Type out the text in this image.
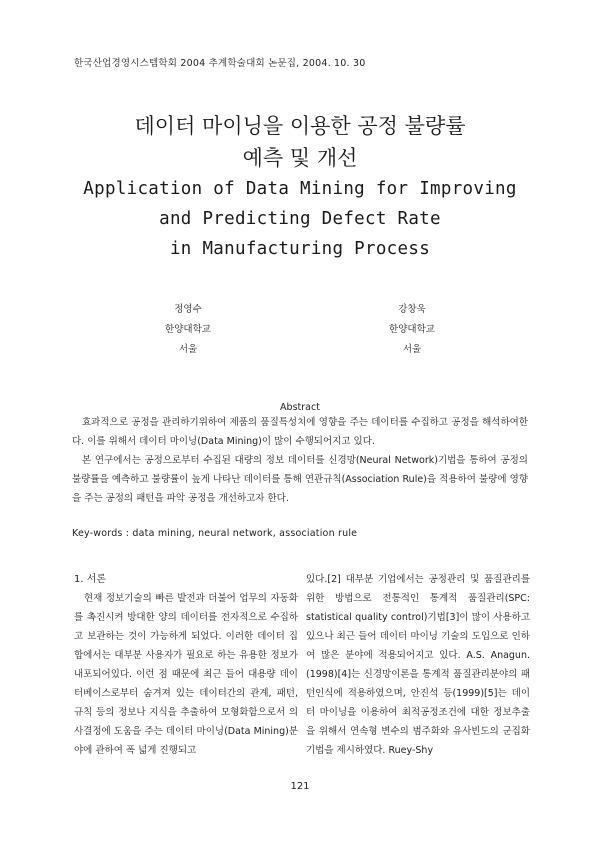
한국산업경영시스템학회 2004 추계학술대회 논문집, 2004. 10. 30
데이터 마이닝을 이용한 공정 불량률
예측 및 개선
Application of Data Mining for Improving
and Predicting Defect Rate
in Manufacturing Process
정영수
한양대학교
서울
강창욱
한양대학교
서울
Abstract

효과적으로 공정을 관리하기위하여 제품의 품질특성치에 영향을 주는 데이터를 수집하고 공정을 해석하여한다. 이를 위해서 데이터 마이닝(Data Mining)이 많이 수행되어지고 있다.

본 연구에서는 공정으로부터 수집된 대량의 정보 데이터를 신경망(Neural Network)기법을 통하여 공정의 불량률을 예측하고 불량률이 높게 나타난 데이터를 통해 연관규칙(Association Rule)을 적용하여 불량에 영향을 주는 공정의 패턴을 파악 공정을 개선하고자 한다.

Key-words : data mining, neural network, association rule
1. 서론

현재 정보기술의 빠른 발전과 더불어 업무의 자동화를 촉진시켜 방대한 양의 데이터를 전자적으로 수집하고 보관하는 것이 가능하게 되었다. 이러한 데이터 집합에서는 대부분 사용자가 필요로 하는 유용한 정보가 내포되어있다. 이런 점 때문에 최근 들어 대용량 데이터베이스로부터 숨겨져 있는 데이터간의 관계, 패턴, 규칙 등의 정보나 지식을 추출하여 모형화함으로서 의사결정에 도움을 주는 데이터 마이닝(Data Mining)분야에 관하여 폭 넓게 진행되고

있다.[2] 대부분 기업에서는 공정관리 및 품질관리를 위한 방법으로 전통적인 통계적 품질관리(SPC: statistical quality control)기법[3]이 많이 사용하고 있으나 최근 들어 데이터 마이닝 기술의 도입으로 인하여 많은 분야에 적용되어지고 있다. A.S. Anagun.(1998)[4]는 신경망이론을 통계적 품질관리분야의 패턴인식에 적용하였으며, 안진석 등(1999)[5]는 데이터 마이닝을 이용하여 최적공정조건에 대한 정보추출을 위해서 연속형 변수의 범주화와 유사빈도의 군집화 기법을 제시하였다. Ruey-Shy

121
